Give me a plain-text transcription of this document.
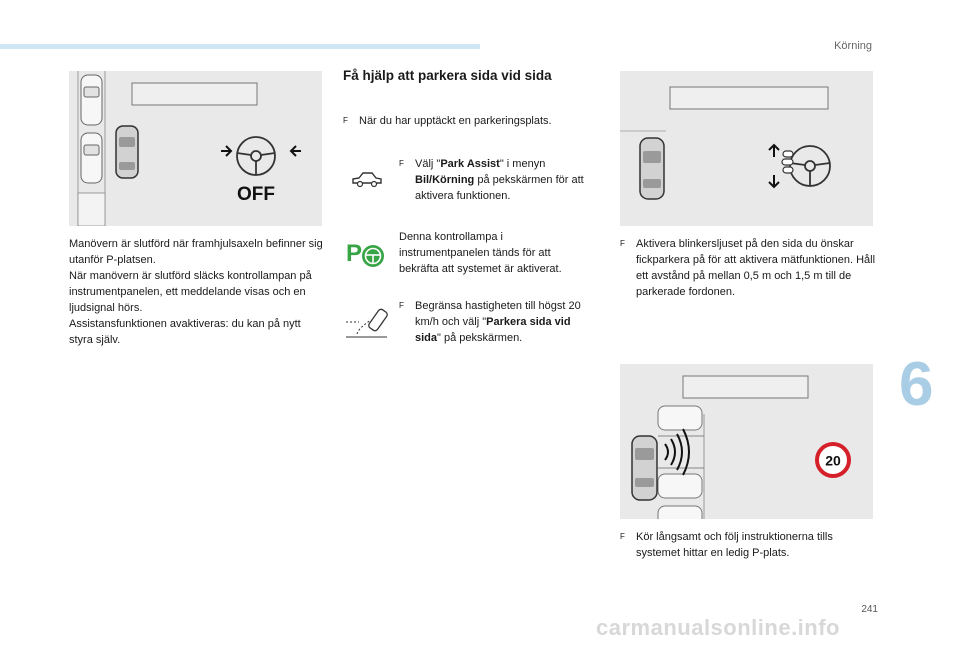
Körning
6
241
OFF

Manövern är slutförd när framhjulsaxeln befinner sig utanför P-platsen.

När manövern är slutförd släcks kontrollampan på instrumentpanelen, ett meddelande visas och en ljudsignal hörs.

Assistansfunktionen avaktiveras: du kan på nytt styra själv.

Få hjälp att parkera sida vid sida
F	När du har upptäckt en parkeringsplats.
F	Välj "Park Assist" i menyn Bil/Körning på pekskärmen för att aktivera funktionen.
P
Denna kontrollampa i instrumentpanelen tänds för att bekräfta att systemet är aktiverat.
F	Begränsa hastigheten till högst 20 km/h och välj "Parkera sida vid sida" på pekskärmen.
F	Aktivera blinkersljuset på den sida du önskar fickparkera på för att aktivera mätfunktionen. Håll ett avstånd på mellan 0,5 m och 1,5 m till de parkerade fordonen.
20
F	Kör långsamt och följ instruktionerna tills systemet hittar en ledig P-plats.
carmanualsonline.info
